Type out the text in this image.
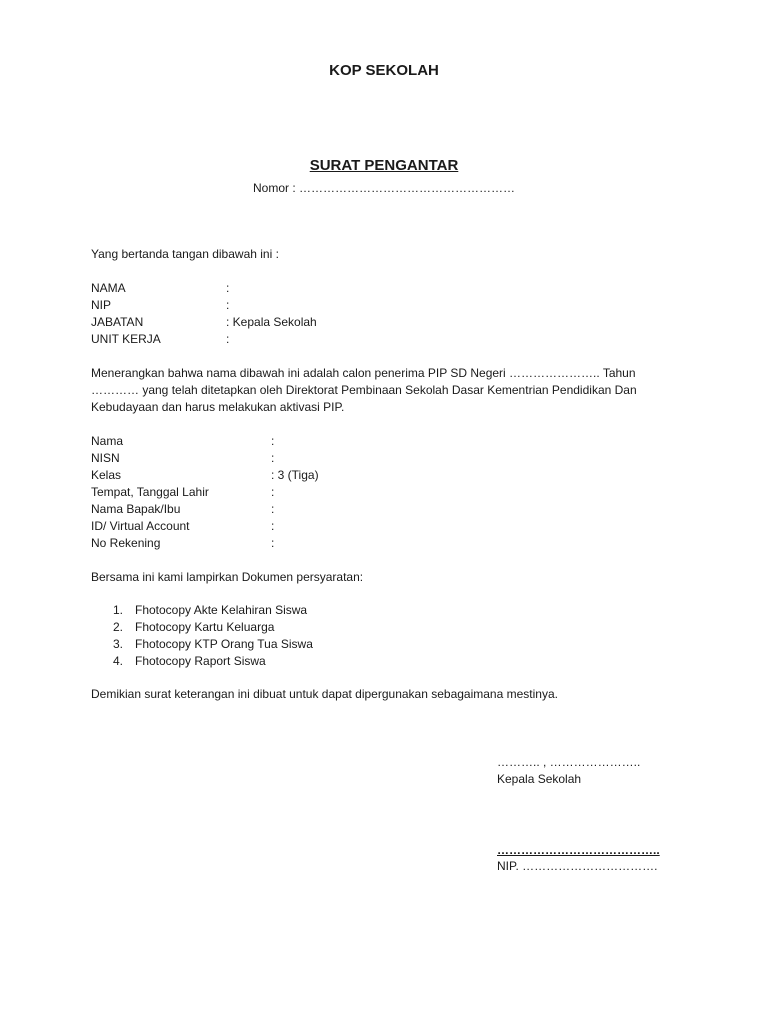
KOP SEKOLAH
SURAT PENGANTAR
Nomor : ………………………………………………
Yang bertanda tangan dibawah ini :
NAMA	:
NIP	:
JABATAN	: Kepala Sekolah
UNIT KERJA	:
Menerangkan bahwa nama dibawah ini adalah calon penerima PIP SD Negeri ………………….. Tahun
………… yang telah ditetapkan oleh Direktorat Pembinaan Sekolah Dasar Kementrian Pendidikan Dan
Kebudayaan dan harus melakukan aktivasi PIP.
Nama	:
NISN	:
Kelas	: 3 (Tiga)
Tempat, Tanggal Lahir	:
Nama Bapak/Ibu	:
ID/ Virtual Account	:
No Rekening	:
Bersama ini kami lampirkan Dokumen persyaratan:
1. Fhotocopy Akte Kelahiran Siswa
2. Fhotocopy Kartu Keluarga
3. Fhotocopy KTP Orang Tua Siswa
4. Fhotocopy Raport Siswa
Demikian surat keterangan ini dibuat untuk dapat dipergunakan sebagaimana mestinya.
……….. , …………………..
Kepala Sekolah
…………………………………..
NIP. …………………………….
